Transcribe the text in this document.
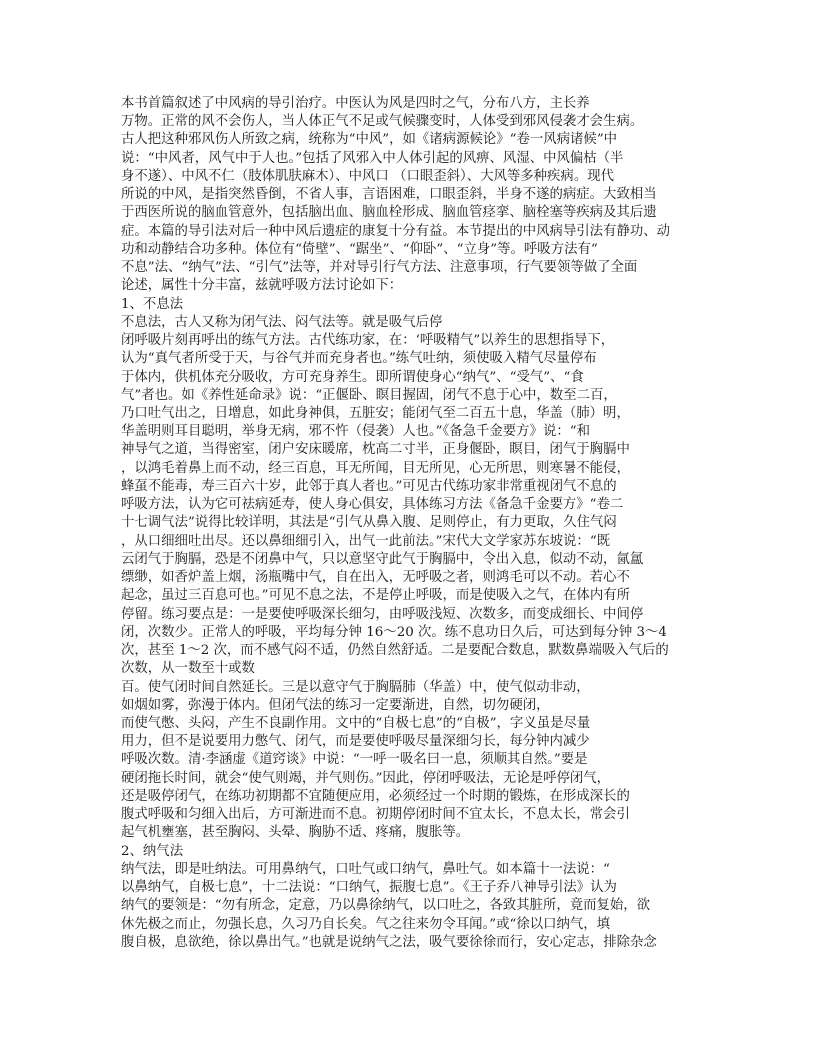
本书首篇叙述了中风病的导引治疗。中医认为风是四时之气，分布八方，主长养
万物。正常的风不会伤人，当人体正气不足或气候骤变时，人体受到邪风侵袭才会生病。
古人把这种邪风伤人所致之病，统称为“中风”，如《诸病源候论》“卷一风病诸候”中
说：“中风者，风气中于人也。”包括了风邪入中人体引起的风痹、风湿、中风偏枯（半
身不遂）、中风不仁（肢体肌肤麻木）、中风口 （口眼歪斜）、大风等多种疾病。现代
所说的中风，是指突然昏倒，不省人事，言语困难，口眼歪斜，半身不遂的病症。大致相当
于西医所说的脑血管意外，包括脑出血、脑血栓形成、脑血管痉挛、脑栓塞等疾病及其后遗
症。本篇的导引法对后一种中风后遗症的康复十分有益。本节提出的中风病导引法有静功、动
功和动静结合功多种。体位有“倚壁”、“踞坐”、“仰卧”、“立身”等。呼吸方法有“
不息”法、“纳气”法、“引气”法等，并对导引行气方法、注意事项，行气要领等做了全面
论述，属性十分丰富，兹就呼吸方法讨论如下：
1、不息法
不息法，古人又称为闭气法、闷气法等。就是吸气后停
闭呼吸片刻再呼出的练气方法。古代练功家，在：‘呼吸精气”以养生的思想指导下，
认为“真气者所受于天，与谷气并而充身者也。”练气吐纳，须使吸入精气尽量停布
于体内，供机体充分吸收，方可充身养生。即所谓使身心“纳气”、“受气”、“食
气”者也。如《养性延命录》说：“正偃卧、瞑目握固，闭气不息于心中，数至二百，
乃口吐气出之，日增息，如此身神俱，五脏安；能闭气至二百五十息，华盖（肺）明，
华盖明则耳目聪明，举身无病，邪不忤（侵袭）人也。”《备急千金要方》说：“和
神导气之道，当得密室，闭户安床暖席，枕高二寸半，正身偃卧，瞑目，闭气于胸膈中
，以鸿毛着鼻上而不动，经三百息，耳无所闻，目无所见，心无所思，则寒暑不能侵，
蜂虿不能毒，寿三百六十岁，此邻于真人者也。”可见古代练功家非常重视闭气不息的
呼吸方法，认为它可祛病延寿，使人身心俱安，具体练习方法《备急千金要方》“卷二
十七调气法”说得比较详明，其法是“引气从鼻入腹、足则停止，有力更取，久住气闷
，从口细细吐出尽。还以鼻细细引入，出气一此前法。”宋代大文学家苏东坡说：“既
云闭气于胸膈，恐是不闭鼻中气，只以意坚守此气于胸膈中，令出入息，似动不动，氤氲
缥缈，如香炉盖上烟，汤瓶嘴中气，自在出入，无呼吸之者，则鸿毛可以不动。若心不
起念，虽过三百息可也。”可见不息之法，不是停止呼吸，而是使吸入之气，在体内有所
停留。练习要点是：一是要使呼吸深长细匀，由呼吸浅短、次数多，而变成细长、中间停
闭，次数少。正常人的呼吸，平均每分钟 16～20 次。练不息功日久后，可达到每分钟 3～4
次，甚至 1～2 次，而不感气闷不适，仍然自然舒适。二是要配合数息，默数鼻端吸入气后的
次数，从一数至十或数
百。使气闭时间自然延长。三是以意守气于胸膈肺（华盖）中，使气似动非动，
如烟如雾，弥漫于体内。但闭气法的练习一定要渐进，自然，切勿硬闭，
而使气憋、头闷，产生不良副作用。文中的“自极七息”的“自极”，字义虽是尽量
用力，但不是说要用力憋气、闭气，而是要使呼吸尽量深细匀长，每分钟内减少
呼吸次数。清·李涵虚《道窍谈》中说：“一呼一吸名曰一息，须顺其自然。”要是
硬闭拖长时间，就会“使气则竭，并气则伤。”因此，停闭呼吸法，无论是呼停闭气，
还是吸停闭气，在练功初期都不宜随便应用，必须经过一个时期的锻炼，在形成深长的
腹式呼吸和匀细入出后，方可渐进而不息。初期停闭时间不宜太长，不息太长，常会引
起气机壅塞，甚至胸闷、头晕、胸胁不适、疼痛，腹胀等。
2、纳气法
纳气法，即是吐纳法。可用鼻纳气，口吐气或口纳气，鼻吐气。如本篇十一法说：“
以鼻纳气，自极七息”，十二法说：“口纳气，振腹七息”。《王子乔八神导引法》认为
纳气的要领是：“勿有所念，定意，乃以鼻徐纳气，以口吐之，各致其脏所，竟而复始，欲
休先极之而止，勿强长息，久习乃自长矣。气之往来勿令耳闻。”或“徐以口纳气，填
腹自极，息欲绝，徐以鼻出气。”也就是说纳气之法，吸气要徐徐而行，安心定志，排除杂念
